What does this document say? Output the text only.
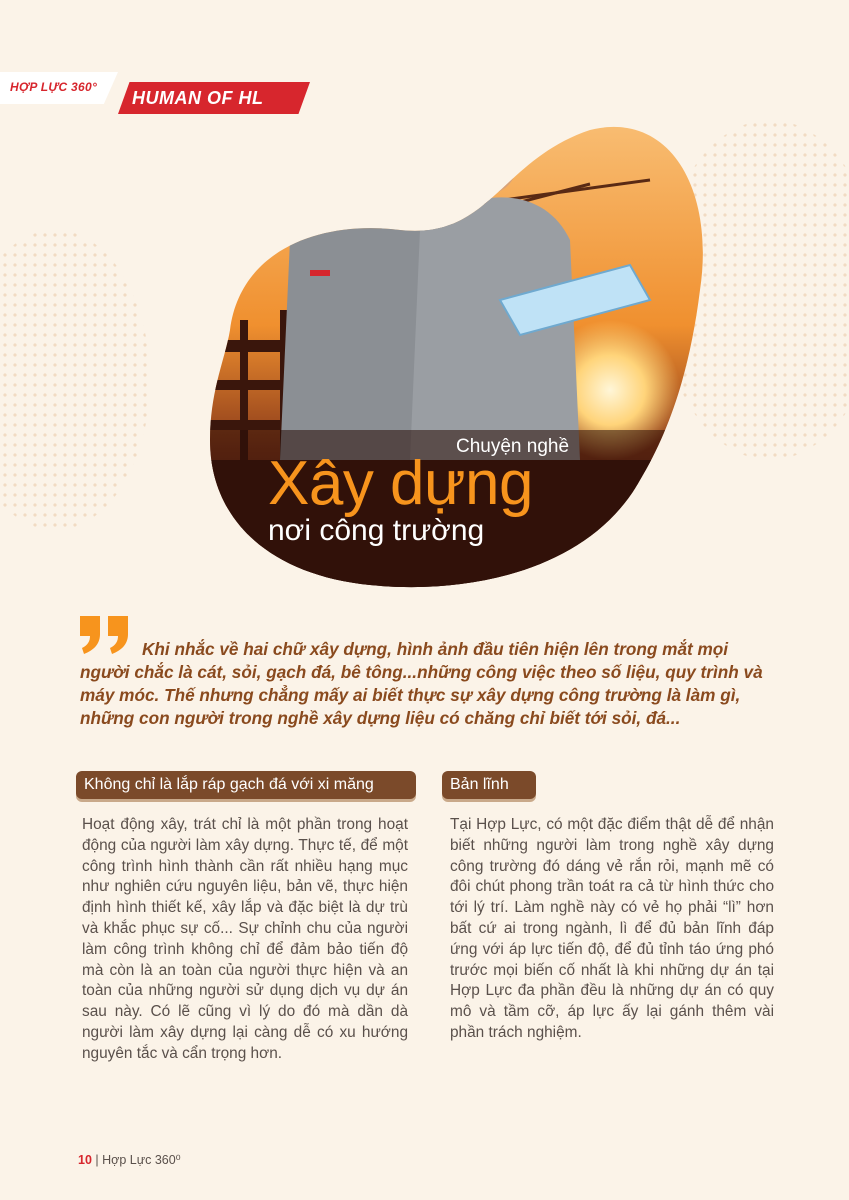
HỢP LỰC 360°
HUMAN OF HL
Chuyện nghề
Xây dựng
nơi công trường
Khi nhắc về hai chữ xây dựng, hình ảnh đầu tiên hiện lên trong mắt mọi người chắc là cát, sỏi, gạch đá, bê tông...những công việc theo số liệu, quy trình và máy móc. Thế nhưng chẳng mấy ai biết thực sự xây dựng công trường là làm gì, những con người trong nghề xây dựng liệu có chăng chỉ biết tới sỏi, đá...
Không chỉ là lắp ráp gạch đá với xi măng
Hoạt động xây, trát chỉ là một phần trong hoạt động của người làm xây dựng. Thực tế, để một công trình hình thành cần rất nhiều hạng mục như nghiên cứu nguyên liệu, bản vẽ, thực hiện định hình thiết kế, xây lắp và đặc biệt là dự trù và khắc phục sự cố... Sự chỉnh chu của người làm công trình không chỉ để đảm bảo tiến độ mà còn là an toàn của người thực hiện và an toàn của những người sử dụng dịch vụ dự án sau này. Có lẽ cũng vì lý do đó mà dần dà người làm xây dựng lại càng dễ có xu hướng nguyên tắc và cẩn trọng hơn.
Bản lĩnh
Tại Hợp Lực, có một đặc điểm thật dễ để nhận biết những người làm trong nghề xây dựng công trường đó dáng vẻ rắn rỏi, mạnh mẽ có đôi chút phong trần toát ra cả từ hình thức cho tới lý trí. Làm nghề này có vẻ họ phải “lì” hơn bất cứ ai trong ngành, lì để đủ bản lĩnh đáp ứng với áp lực tiến độ, để đủ tỉnh táo ứng phó trước mọi biến cố nhất là khi những dự án tại Hợp Lực đa phần đều là những dự án có quy mô và tầm cỡ, áp lực ấy lại gánh thêm vài phần trách nghiệm.
10 | Hợp Lực 360⁰
